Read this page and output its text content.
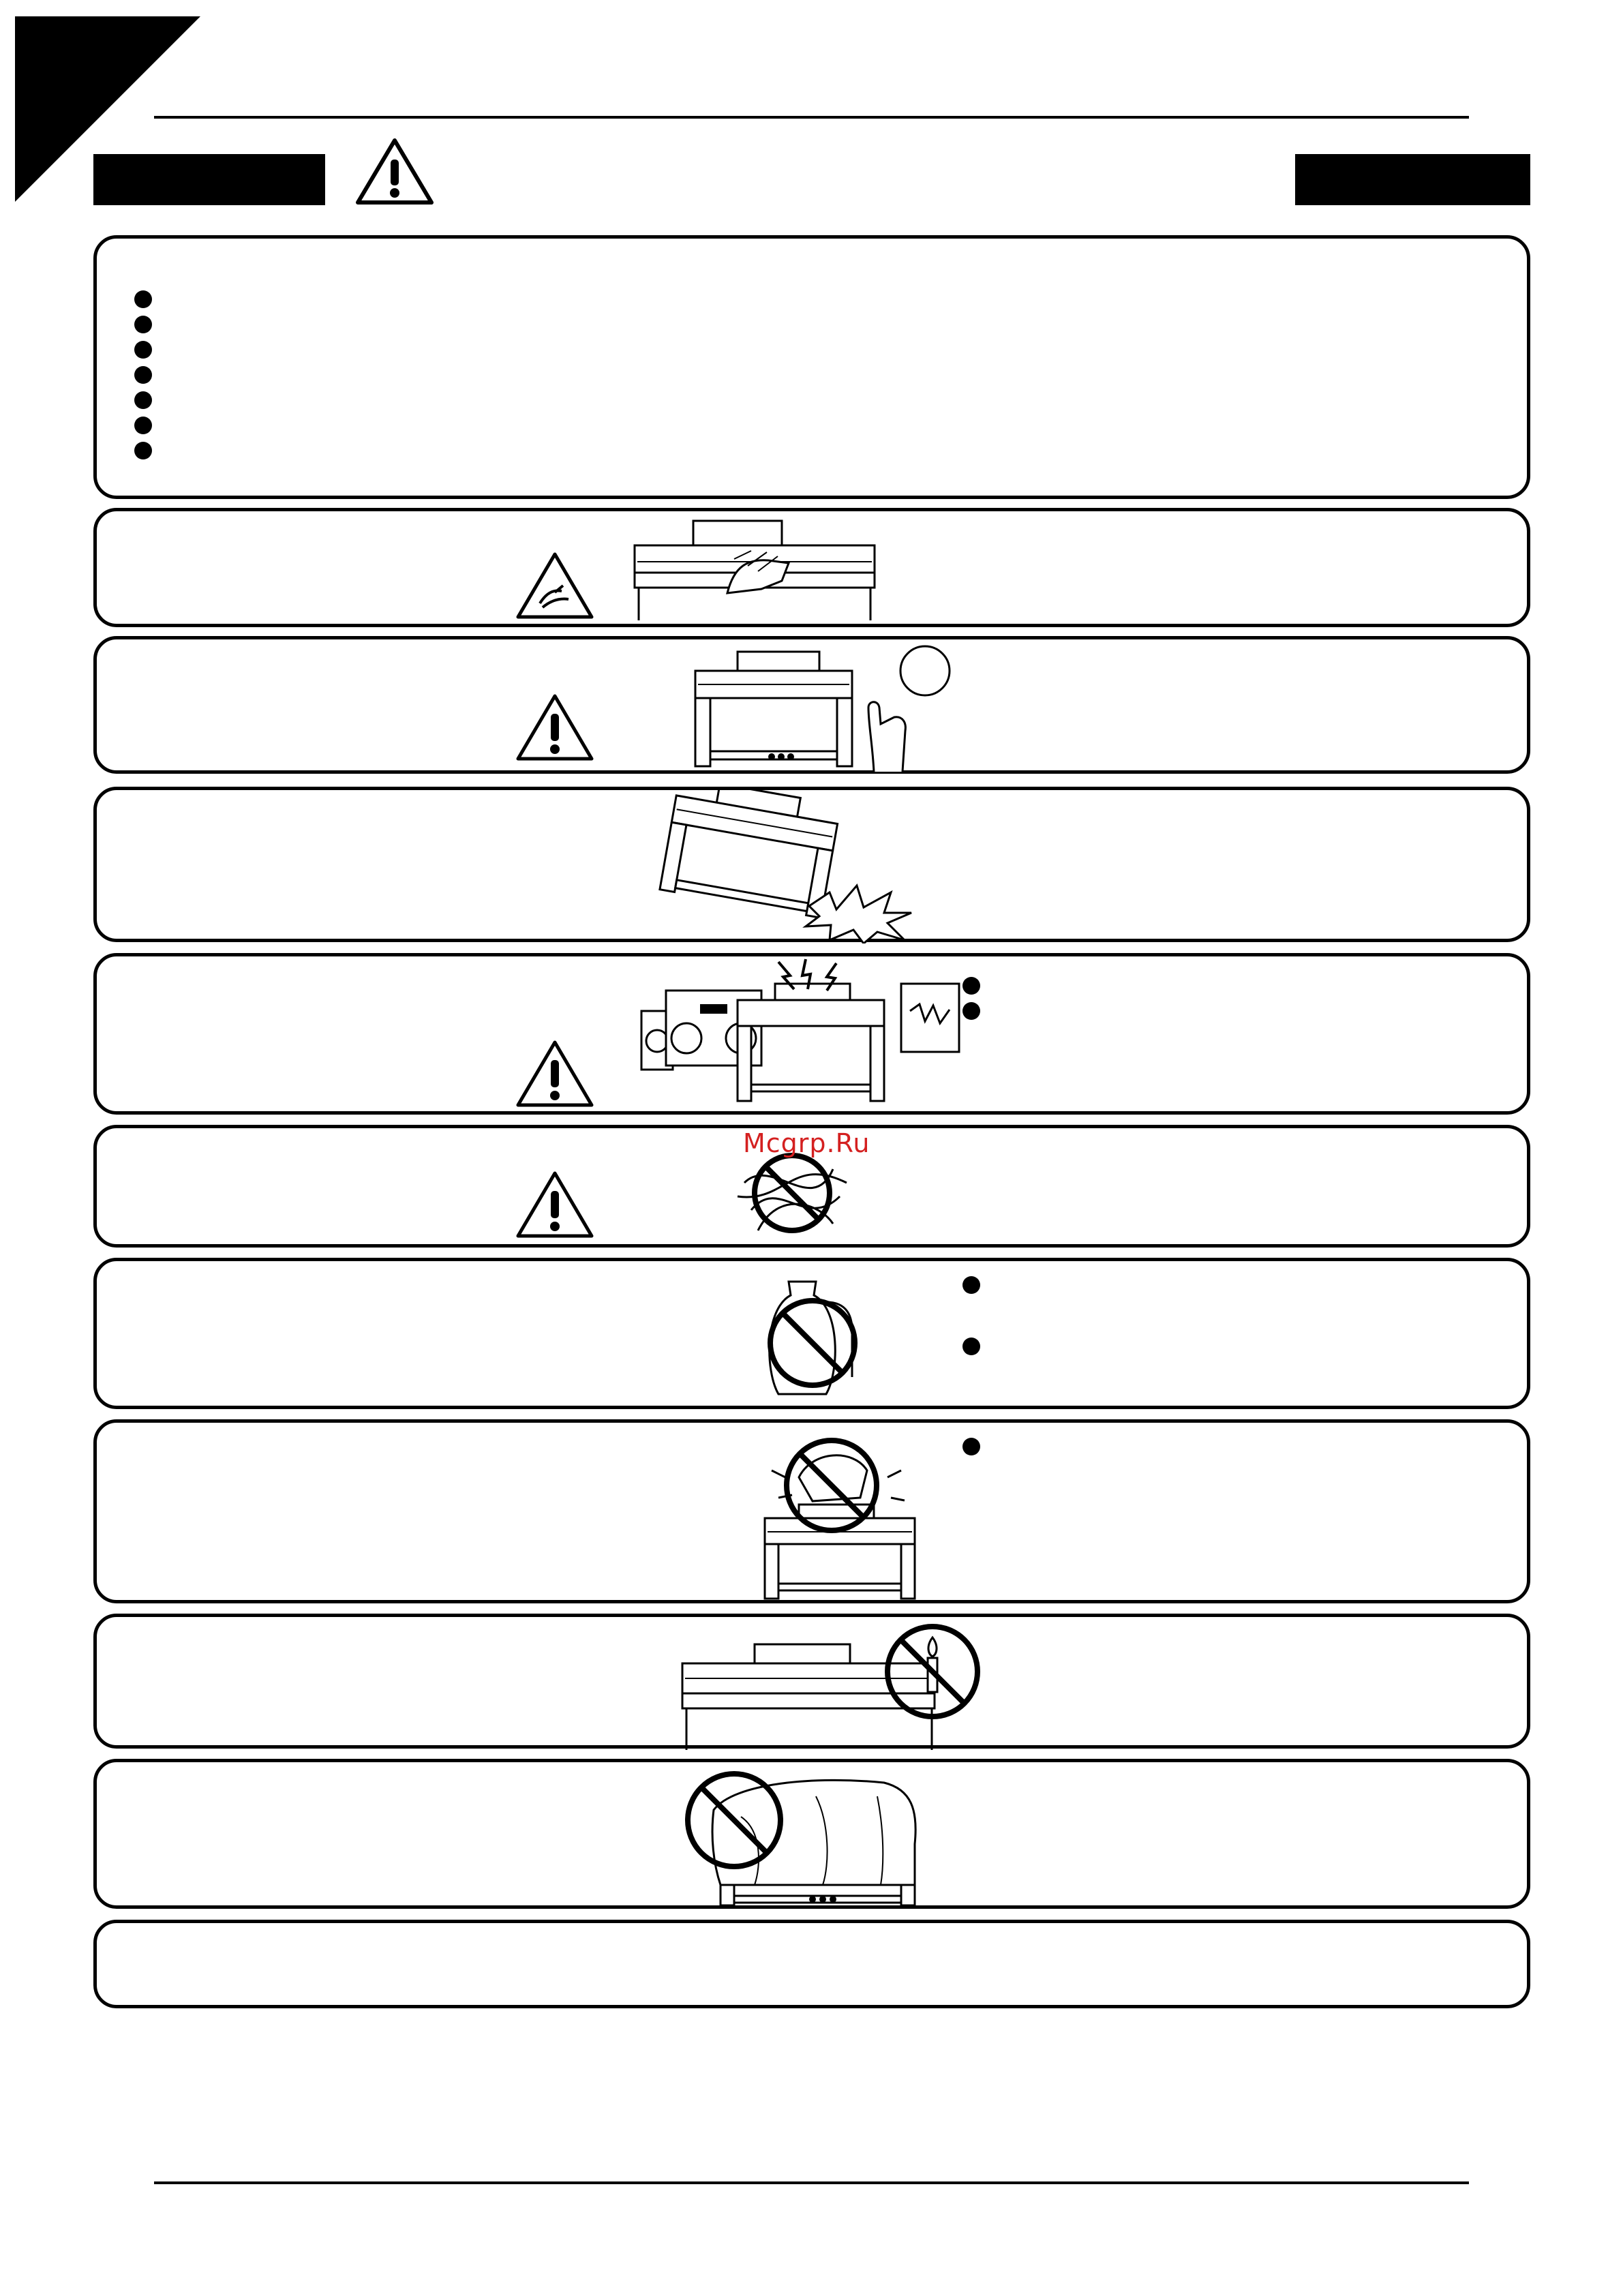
Mcgrp.Ru
